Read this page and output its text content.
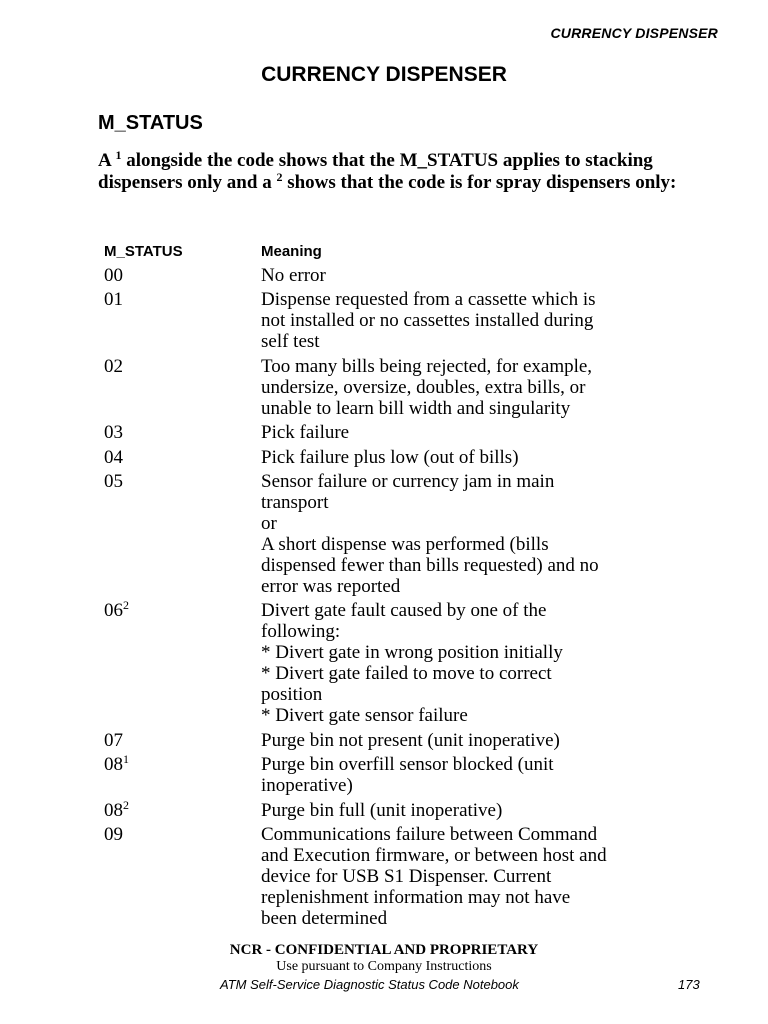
CURRENCY DISPENSER
CURRENCY DISPENSER
M_STATUS
A $^1$ alongside the code shows that the M_STATUS applies to stacking dispensers only and a $^2$ shows that the code is for spray dispensers only:
M_STATUS	Meaning
00	No error
01	Dispense requested from a cassette which is
not installed or no cassettes installed during
self test
02	Too many bills being rejected, for example,
undersize, oversize, doubles, extra bills, or
unable to learn bill width and singularity
03	Pick failure
04	Pick failure plus low (out of bills)
05	Sensor failure or currency jam in main
transport
or
A short dispense was performed (bills
dispensed fewer than bills requested) and no
error was reported
$06^2$	Divert gate fault caused by one of the
following:
* Divert gate in wrong position initially
* Divert gate failed to move to correct
position
* Divert gate sensor failure
07	Purge bin not present (unit inoperative)
$08^1$	Purge bin overfill sensor blocked (unit
inoperative)
$08^2$	Purge bin full (unit inoperative)
09	Communications failure between Command
and Execution firmware, or between host and
device for USB S1 Dispenser. Current
replenishment information may not have
been determined
NCR - CONFIDENTIAL AND PROPRIETARY
Use pursuant to Company Instructions
ATM Self-Service Diagnostic Status Code Notebook	173
